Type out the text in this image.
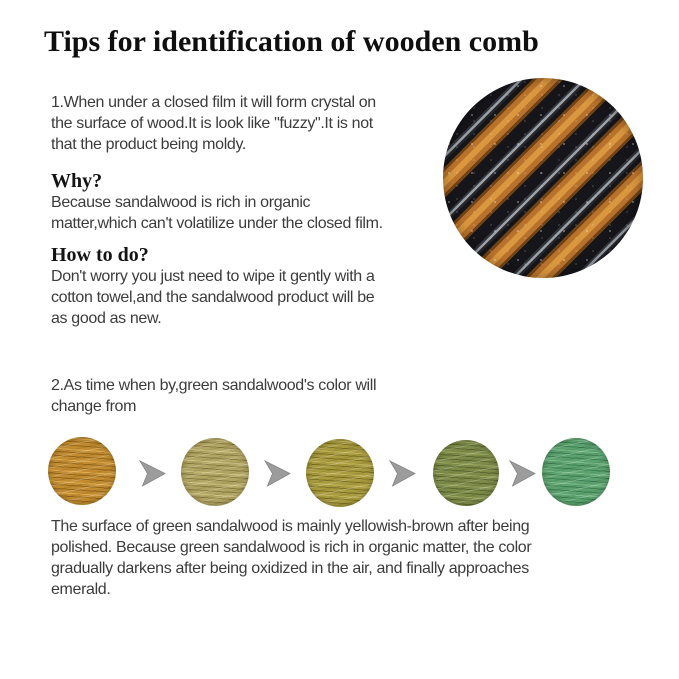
Tips for identification of wooden comb
1.When under a closed film it will form crystal on
the surface of wood.It is look like "fuzzy".It is not
that the product being moldy.
Why?
Because sandalwood is rich in organic
matter,which can't volatilize under the closed film.
How to do?
Don't worry you just need to wipe it gently with a
cotton towel,and the sandalwood product will be
as good as new.
2.As time when by,green sandalwood's color will
change from
The surface of green sandalwood is mainly yellowish-brown after being
polished. Because green sandalwood is rich in organic matter, the color
gradually darkens after being oxidized in the air, and finally approaches
emerald.
